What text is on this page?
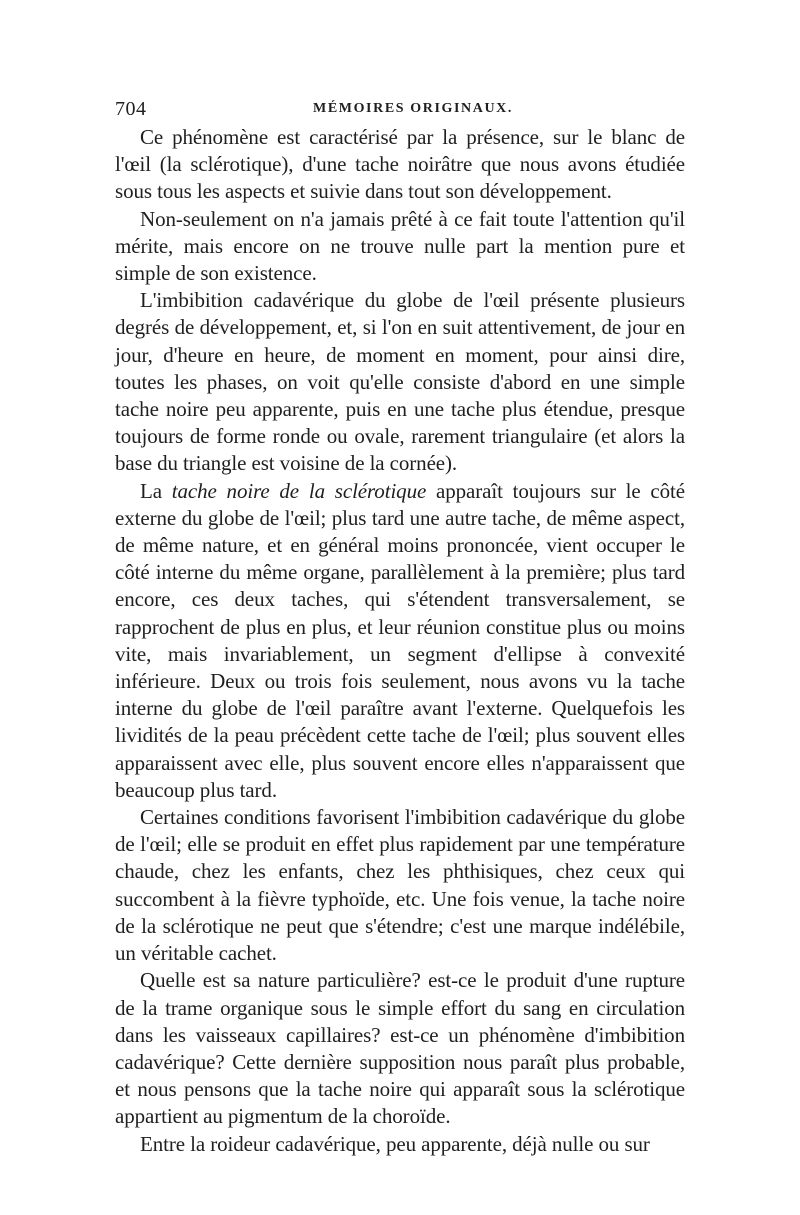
704	MÉMOIRES ORIGINAUX.

Ce phénomène est caractérisé par la présence, sur le blanc de l'œil (la sclérotique), d'une tache noirâtre que nous avons étudiée sous tous les aspects et suivie dans tout son développement.

Non-seulement on n'a jamais prêté à ce fait toute l'attention qu'il mérite, mais encore on ne trouve nulle part la mention pure et simple de son existence.

L'imbibition cadavérique du globe de l'œil présente plusieurs degrés de développement, et, si l'on en suit attentivement, de jour en jour, d'heure en heure, de moment en moment, pour ainsi dire, toutes les phases, on voit qu'elle consiste d'abord en une simple tache noire peu apparente, puis en une tache plus étendue, presque toujours de forme ronde ou ovale, rarement triangulaire (et alors la base du triangle est voisine de la cornée).

La tache noire de la sclérotique apparaît toujours sur le côté externe du globe de l'œil; plus tard une autre tache, de même aspect, de même nature, et en général moins prononcée, vient occuper le côté interne du même organe, parallèlement à la première; plus tard encore, ces deux taches, qui s'étendent transversalement, se rapprochent de plus en plus, et leur réunion constitue plus ou moins vite, mais invariablement, un segment d'ellipse à convexité inférieure. Deux ou trois fois seulement, nous avons vu la tache interne du globe de l'œil paraître avant l'externe. Quelquefois les lividités de la peau précèdent cette tache de l'œil; plus souvent elles apparaissent avec elle, plus souvent encore elles n'apparaissent que beaucoup plus tard.

Certaines conditions favorisent l'imbibition cadavérique du globe de l'œil; elle se produit en effet plus rapidement par une température chaude, chez les enfants, chez les phthisiques, chez ceux qui succombent à la fièvre typhoïde, etc. Une fois venue, la tache noire de la sclérotique ne peut que s'étendre; c'est une marque indélébile, un véritable cachet.

Quelle est sa nature particulière? est-ce le produit d'une rupture de la trame organique sous le simple effort du sang en circulation dans les vaisseaux capillaires? est-ce un phénomène d'imbibition cadavérique? Cette dernière supposition nous paraît plus probable, et nous pensons que la tache noire qui apparaît sous la sclérotique appartient au pigmentum de la choroïde.

Entre la roideur cadavérique, peu apparente, déjà nulle ou sur
